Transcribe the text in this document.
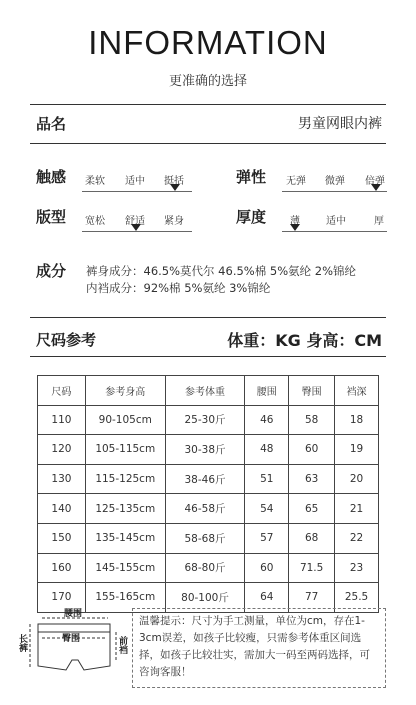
INFORMATION
更准确的选择
品名	男童网眼内裤
触感 柔软 适中 挺括	弹性 无弹 微弹 倍弹
版型 宽松 舒适 紧身	厚度 薄	适中	厚
成分 裤身成分：46.5%莫代尔 46.5%棉 5%氨纶 2%锦纶
内裆成分：92%棉 5%氨纶 3%锦纶
尺码参考	体重：KG 身高：CM
尺码	参考身高	参考体重	腰围	臀围	裆深
110	90-105cm	25-30斤	46	58	18
120	105-115cm	30-38斤	48	60	19
130	115-125cm	38-46斤	51	63	20
140	125-135cm	46-58斤	54	65	21
150	135-145cm	58-68斤	57	68	22
160	145-155cm	68-80斤	60	71.5	23
170	155-165cm	80-100斤	64	77	25.5
腰围
臀围
长裤	前裆

温馨提示：尺寸为手工测量，单位为cm，存在1-3cm误差，如孩子比较瘦，只需参考体重区间选择，如孩子比较壮实，需加大一码至两码选择，可咨询客服！
